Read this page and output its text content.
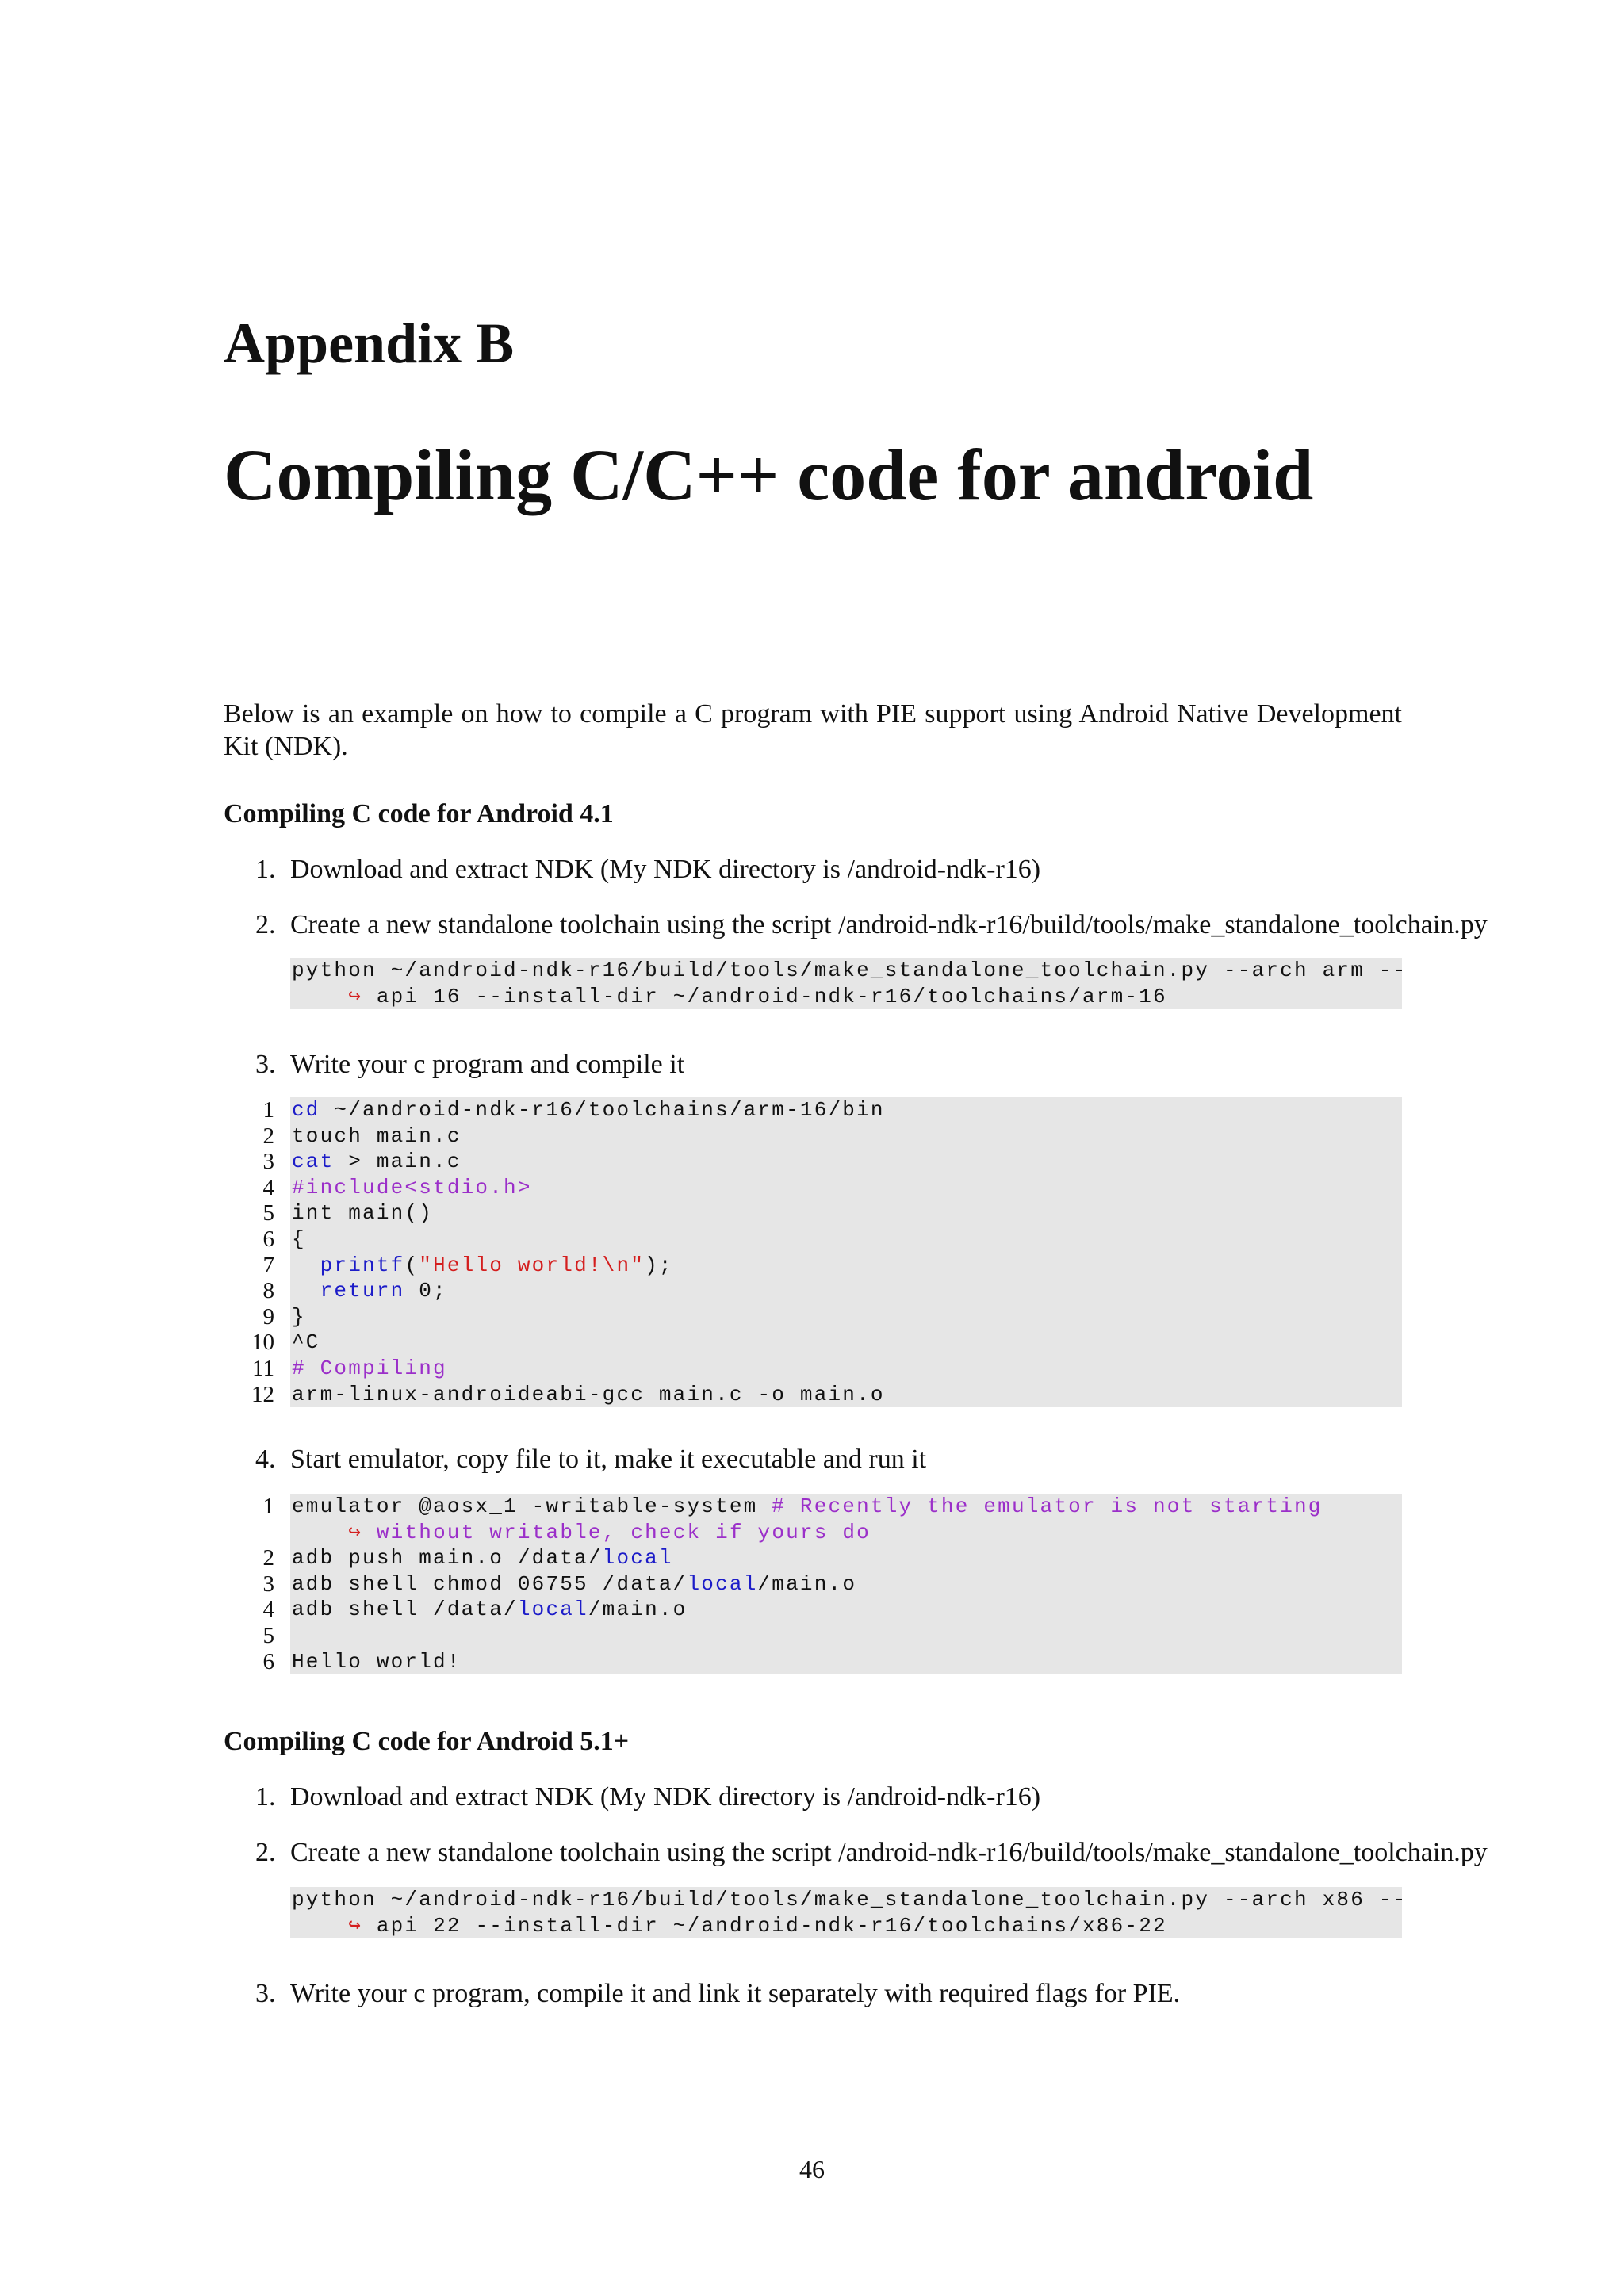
Appendix B
Compiling C/C++ code for android
Below is an example on how to compile a C program with PIE support using Android Native Development Kit (NDK).
Compiling C code for Android 4.1
1. Download and extract NDK (My NDK directory is /android-ndk-r16)
2. Create a new standalone toolchain using the script /android-ndk-r16/build/tools/make_standalone_toolchain.py
python ~/android-ndk-r16/build/tools/make_standalone_toolchain.py --arch arm --
↪ api 16 --install-dir ~/android-ndk-r16/toolchains/arm-16
3. Write your c program and compile it
1 cd ~/android-ndk-r16/toolchains/arm-16/bin
2 touch main.c
3 cat > main.c
4 #include<stdio.h>
5 int main()
6 {
7 printf("Hello world!\n");
8 return 0;
9 }
10 ^C
11 # Compiling
12 arm-linux-androideabi-gcc main.c -o main.o
4. Start emulator, copy file to it, make it executable and run it
1 emulator @aosx_1 -writable-system # Recently the emulator is not starting
↪ without writable, check if yours do
2 adb push main.o /data/local
3 adb shell chmod 06755 /data/local/main.o
4 adb shell /data/local/main.o
5
6 Hello world!
Compiling C code for Android 5.1+
1. Download and extract NDK (My NDK directory is /android-ndk-r16)
2. Create a new standalone toolchain using the script /android-ndk-r16/build/tools/make_standalone_toolchain.py
python ~/android-ndk-r16/build/tools/make_standalone_toolchain.py --arch x86 --
↪ api 22 --install-dir ~/android-ndk-r16/toolchains/x86-22
3. Write your c program, compile it and link it separately with required flags for PIE.
46
